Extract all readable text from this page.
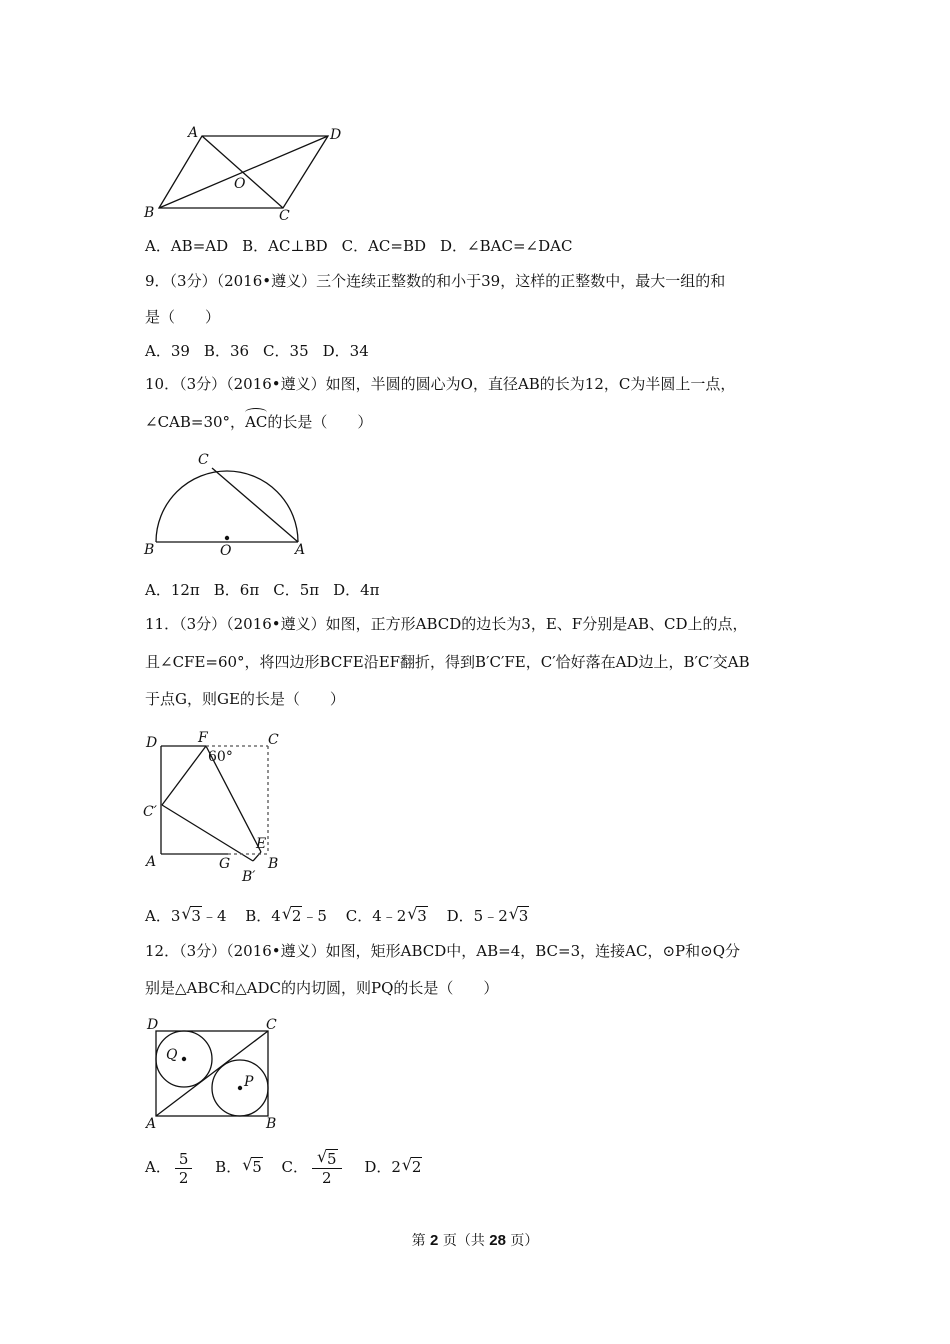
A	D
O
B	C
A．AB=AD B．AC⊥BD C．AC=BD D．∠BAC=∠DAC
9．（3分）（2016•遵义）三个连续正整数的和小于39，这样的正整数中，最大一组的和
是（　　）
A．39 B．36 C．35 D．34
10．（3分）（2016•遵义）如图，半圆的圆心为O，直径AB的长为12，C为半圆上一点，
∠CAB=30°，AC的长是（　　）
C
B	O	A
A．12π B．6π C．5π D．4π
11．（3分）（2016•遵义）如图，正方形ABCD的边长为3，E、F分别是AB、CD上的点，
且∠CFE=60°，将四边形BCFE沿EF翻折，得到B′C′FE，C′恰好落在AD边上，B′C′交AB
于点G，则GE的长是（　　）
D	F	C
60°
C′
A	G
E
B
B′
A．3 √ 3﹣4 B．4 √ 2﹣5 C．4﹣2 √ 3 D．5﹣2 √ 3
12．（3分）（2016•遵义）如图，矩形ABCD中，AB=4，BC=3，连接AC，⊙P和⊙Q分
别是△ABC和△ADC的内切圆，则PQ的长是（　　）
D	C
Q
P
A	B
A． $\frac{5}{2}$ B． √ 5 C． $\frac{√ 5}{2}$ D．2 √ 2
第 2 页（共 28 页）
